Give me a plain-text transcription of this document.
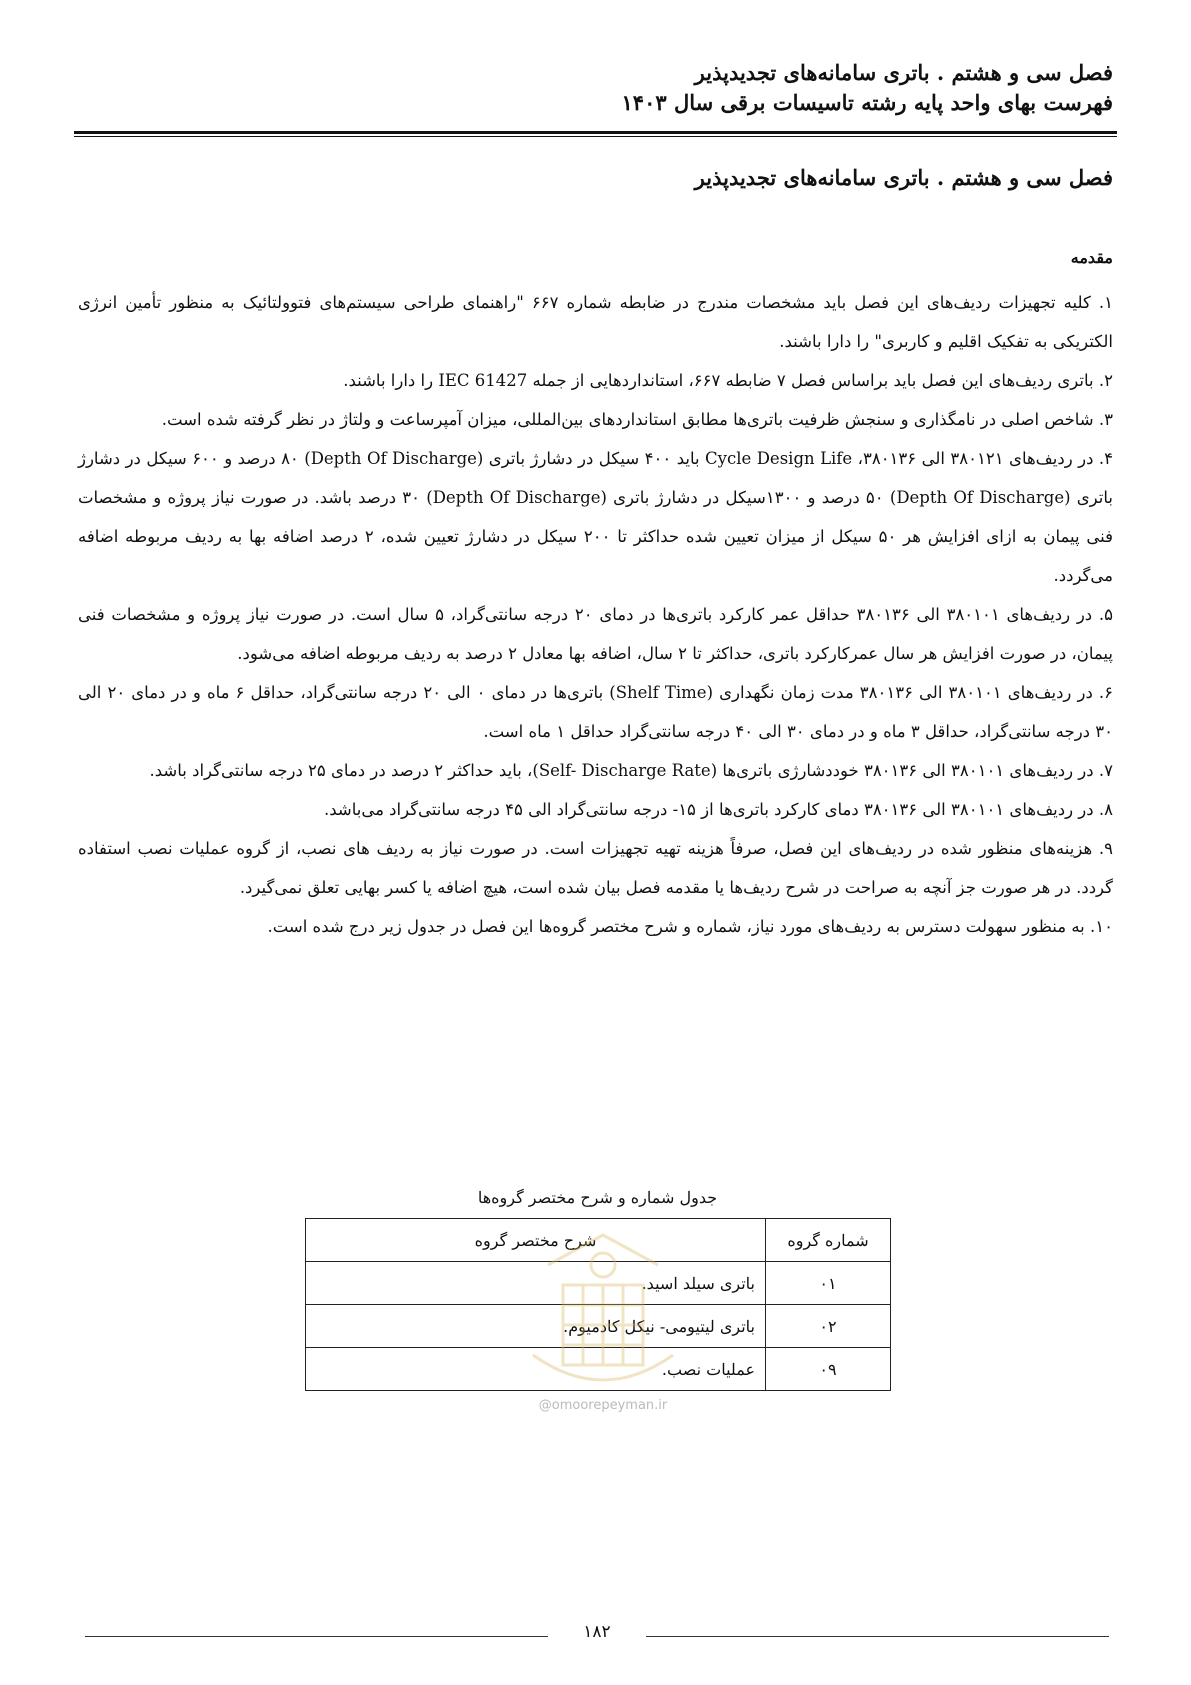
فصل سی و هشتم . باتری سامانه‌های تجدیدپذیر
فهرست بهای واحد پایه رشته تاسیسات برقی سال ۱۴۰۳
فصل سی و هشتم . باتری سامانه‌های تجدیدپذیر
مقدمه

۱. کلیه تجهیزات ردیف‌های این فصل باید مشخصات مندرج در ضابطه شماره ۶۶۷ "راهنمای طراحی سیستم‌های فتوولتائیک به منظور تأمین انرژی الکتریکی به تفکیک اقلیم و کاربری" را دارا باشند.

۲. باتری ردیف‌های این فصل باید براساس فصل ۷ ضابطه ۶۶۷، استانداردهایی از جمله IEC 61427 را دارا باشند.

۳. شاخص اصلی در نامگذاری و سنجش ظرفیت باتری‌ها مطابق استانداردهای بین‌المللی، میزان آمپرساعت و ولتاژ در نظر گرفته شده است.

۴. در ردیف‌های ۳۸۰۱۲۱ الی ۳۸۰۱۳۶، Cycle Design Life باید ۴۰۰ سیکل در دشارژ باتری (Depth Of Discharge) ۸۰ درصد و ۶۰۰ سیکل در دشارژ باتری (Depth Of Discharge) ۵۰ درصد و ۱۳۰۰سیکل در دشارژ باتری (Depth Of Discharge) ۳۰ درصد باشد. در صورت نیاز پروژه و مشخصات فنی پیمان به ازای افزایش هر ۵۰ سیکل از میزان تعیین شده حداکثر تا ۲۰۰ سیکل در دشارژ تعیین شده، ۲ درصد اضافه بها به ردیف مربوطه اضافه می‌گردد.

۵. در ردیف‌های ۳۸۰۱۰۱ الی ۳۸۰۱۳۶ حداقل عمر کارکرد باتری‌ها در دمای ۲۰ درجه سانتی‌گراد، ۵ سال است. در صورت نیاز پروژه و مشخصات فنی پیمان، در صورت افزایش هر سال عمرکارکرد باتری، حداکثر تا ۲ سال، اضافه بها معادل ۲ درصد به ردیف مربوطه اضافه می‌شود.

۶. در ردیف‌های ۳۸۰۱۰۱ الی ۳۸۰۱۳۶ مدت زمان نگهداری (Shelf Time) باتری‌ها در دمای ۰ الی ۲۰ درجه سانتی‌گراد، حداقل ۶ ماه و در دمای ۲۰ الی ۳۰ درجه سانتی‌گراد، حداقل ۳ ماه و در دمای ۳۰ الی ۴۰ درجه سانتی‌گراد حداقل ۱ ماه است.

۷. در ردیف‌های ۳۸۰۱۰۱ الی ۳۸۰۱۳۶ خوددشارژی باتری‌ها (Self- Discharge Rate)، باید حداکثر ۲ درصد در دمای ۲۵ درجه سانتی‌گراد باشد.

۸. در ردیف‌های ۳۸۰۱۰۱ الی ۳۸۰۱۳۶ دمای کارکرد باتری‌ها از ۱۵- درجه سانتی‌گراد الی ۴۵ درجه سانتی‌گراد می‌باشد.

۹. هزینه‌های منظور شده در ردیف‌های این فصل، صرفاً هزینه تهیه تجهیزات است. در صورت نیاز به ردیف های نصب، از گروه عملیات نصب استفاده گردد. در هر صورت جز آنچه به صراحت در شرح ردیف‌ها یا مقدمه فصل بیان شده است، هیچ اضافه یا کسر بهایی تعلق نمی‌گیرد.

۱۰. به منظور سهولت دسترس به ردیف‌های مورد نیاز، شماره و شرح مختصر گروه‌ها این فصل در جدول زیر درج شده است.

جدول شماره و شرح مختصر گروه‌ها
شماره گروه	شرح مختصر گروه
۰۱	باتری سیلد اسید.
۰۲	باتری لیتیومی- نیکل کادمیوم.
۰۹	عملیات نصب.
@omoorepeyman.ir
۱۸۲
